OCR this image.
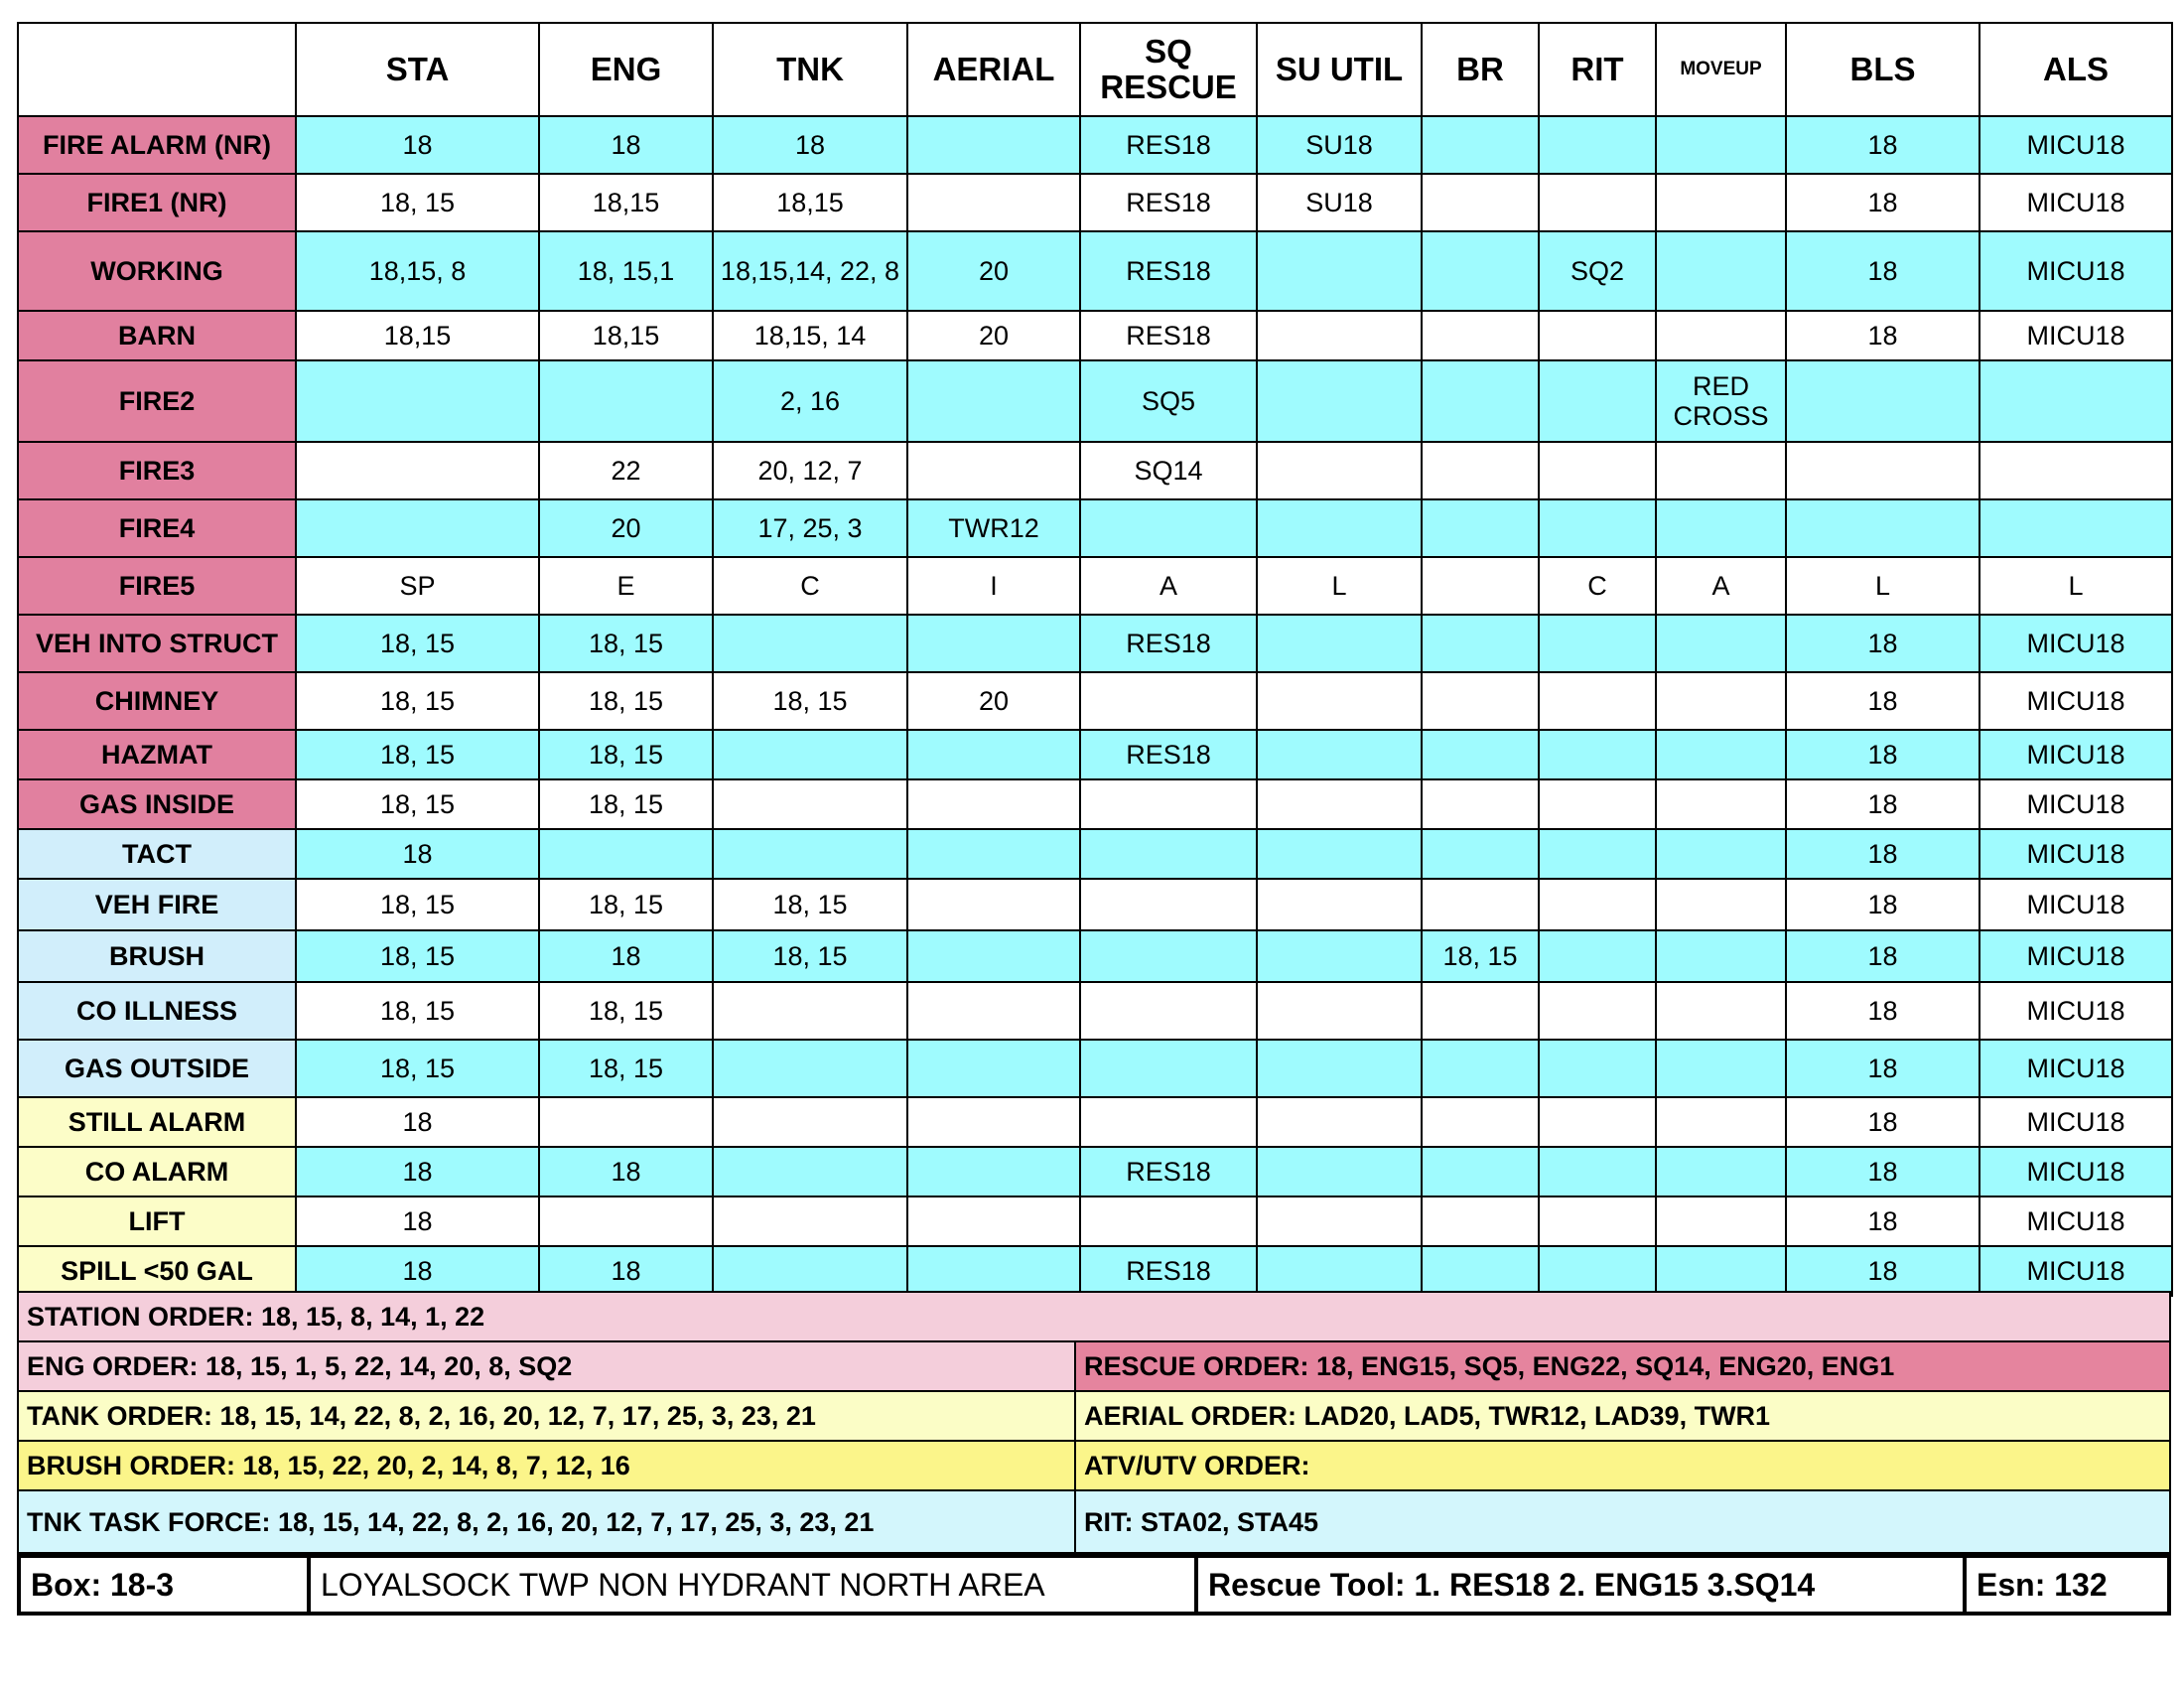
	STA	ENG	TNK	AERIAL	SQ RESCUE	SU UTIL	BR	RIT	MOVEUP	BLS	ALS
FIRE ALARM (NR)	18	18	18		RES18	SU18				18	MICU18
FIRE1 (NR)	18, 15	18,15	18,15		RES18	SU18				18	MICU18
WORKING	18,15, 8	18, 15,1	18,15,14, 22, 8	20	RES18			SQ2		18	MICU18
BARN	18,15	18,15	18,15, 14	20	RES18					18	MICU18
FIRE2			2, 16		SQ5				RED CROSS		
FIRE3		22	20, 12, 7		SQ14						
FIRE4		20	17, 25, 3	TWR12							
FIRE5	SP	E	C	I	A	L		C	A	L	L
VEH INTO STRUCT	18, 15	18, 15			RES18					18	MICU18
CHIMNEY	18, 15	18, 15	18, 15	20						18	MICU18
HAZMAT	18, 15	18, 15			RES18					18	MICU18
GAS INSIDE	18, 15	18, 15								18	MICU18
TACT	18									18	MICU18
VEH FIRE	18, 15	18, 15	18, 15							18	MICU18
BRUSH	18, 15	18	18, 15				18, 15			18	MICU18
CO ILLNESS	18, 15	18, 15								18	MICU18
GAS OUTSIDE	18, 15	18, 15								18	MICU18
STILL ALARM	18									18	MICU18
CO ALARM	18	18			RES18					18	MICU18
LIFT	18									18	MICU18
SPILL <50 GAL	18	18			RES18					18	MICU18
STATION ORDER: 18, 15, 8, 14, 1, 22
ENG ORDER: 18, 15, 1, 5, 22, 14, 20, 8, SQ2	RESCUE ORDER: 18, ENG15, SQ5, ENG22, SQ14, ENG20, ENG1
TANK ORDER: 18, 15, 14, 22, 8, 2, 16, 20, 12, 7, 17, 25, 3, 23, 21	AERIAL ORDER: LAD20, LAD5, TWR12, LAD39, TWR1
BRUSH ORDER: 18, 15, 22, 20, 2, 14, 8, 7, 12, 16	ATV/UTV ORDER:
TNK TASK FORCE: 18, 15, 14, 22, 8, 2, 16, 20, 12, 7, 17, 25, 3, 23, 21	RIT: STA02, STA45
Box: 18-3	LOYALSOCK TWP NON HYDRANT NORTH AREA	Rescue Tool: 1. RES18 2. ENG15 3.SQ14	Esn: 132
